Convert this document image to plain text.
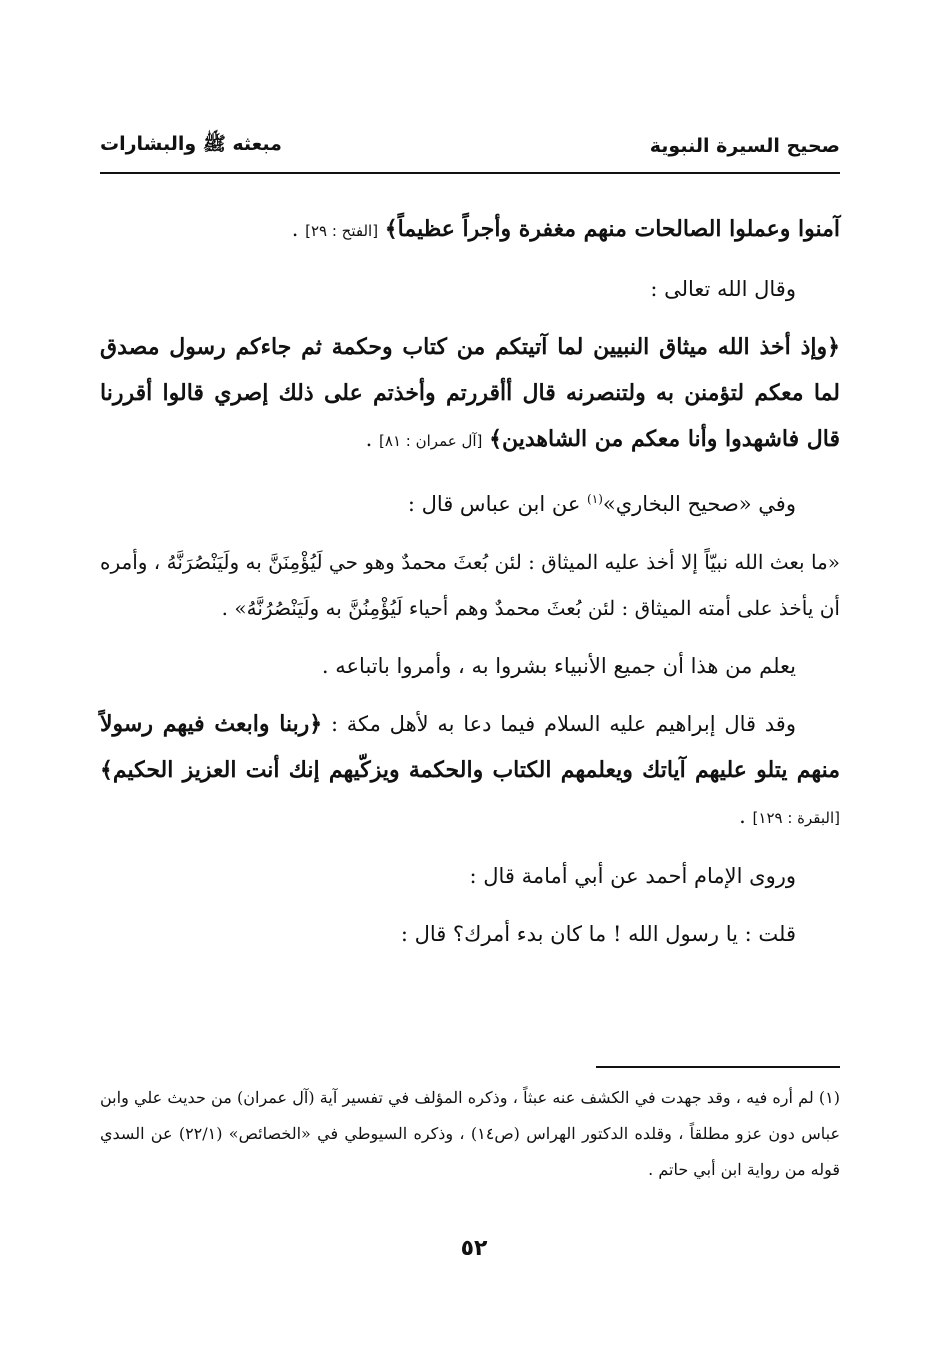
صحيح السيرة النبوية
مبعثه ﷺ والبشارات

آمنوا وعملوا الصالحات منهم مغفرة وأجراً عظيماً﴾ [الفتح : ٢٩] .

وقال الله تعالى :

﴿وإذ أخذ الله ميثاق النبيين لما آتيتكم من كتاب وحكمة ثم جاءكم رسول مصدق لما معكم لتؤمنن به ولتنصرنه قال أأقررتم وأخذتم على ذلك إصري قالوا أقررنا قال فاشهدوا وأنا معكم من الشاهدين﴾ [آل عمران : ٨١] .

وفي «صحيح البخاري»$^{(١)}$ عن ابن عباس قال :

«ما بعث الله نبيّاً إلا أخذ عليه الميثاق : لئن بُعثَ محمدٌ وهو حي لَيُؤْمِنَنَّ به ولَيَنْصُرَنَّهُ ، وأمره أن يأخذ على أمته الميثاق : لئن بُعثَ محمدٌ وهم أحياء لَيُؤْمِنُنَّ به ولَيَنْصُرُنَّهُ» .

يعلم من هذا أن جميع الأنبياء بشروا به ، وأمروا باتباعه .

وقد قال إبراهيم عليه السلام فيما دعا به لأهل مكة : ﴿ربنا وابعث فيهم رسولاً منهم يتلو عليهم آياتك ويعلمهم الكتاب والحكمة ويزكّيهم إنك أنت العزيز الحكيم﴾ [البقرة : ١٢٩] .

وروى الإمام أحمد عن أبي أمامة قال :

قلت : يا رسول الله ! ما كان بدء أمرك؟ قال :

(١) لم أره فيه ، وقد جهدت في الكشف عنه عبثاً ، وذكره المؤلف في تفسير آية (آل عمران) من حديث علي وابن عباس دون عزو مطلقاً ، وقلده الدكتور الهراس (ص١٤) ، وذكره السيوطي في «الخصائص» (٢٢/١) عن السدي قوله من رواية ابن أبي حاتم .

٥٢
